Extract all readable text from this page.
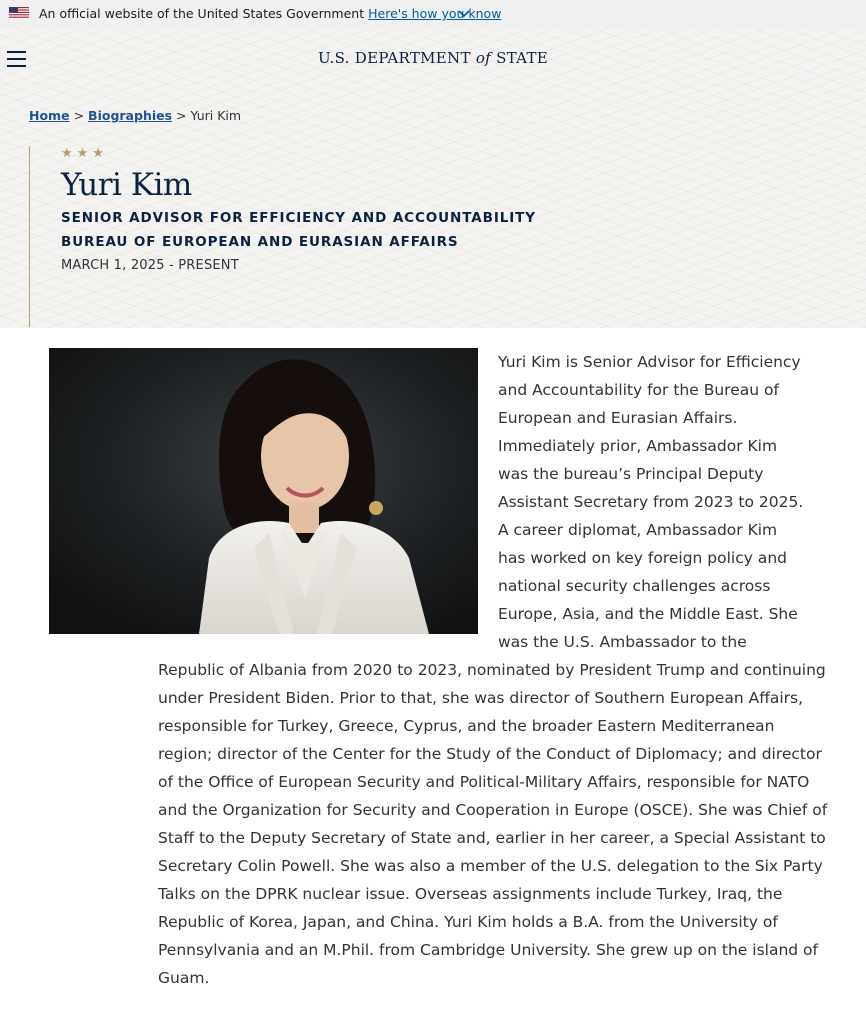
An official website of the United States Government Here's how you know
U.S. DEPARTMENT of STATE
Home > Biographies > Yuri Kim
★★★
Yuri Kim
SENIOR ADVISOR FOR EFFICIENCY AND ACCOUNTABILITY
BUREAU OF EUROPEAN AND EURASIAN AFFAIRS
MARCH 1, 2025 - PRESENT
Yuri Kim is Senior Advisor for Efficiency
and Accountability for the Bureau of
European and Eurasian Affairs.
Immediately prior, Ambassador Kim
was the bureau’s Principal Deputy
Assistant Secretary from 2023 to 2025.
A career diplomat, Ambassador Kim
has worked on key foreign policy and
national security challenges across
Europe, Asia, and the Middle East. She
was the U.S. Ambassador to the
Republic of Albania from 2020 to 2023, nominated by President Trump and continuing
under President Biden. Prior to that, she was director of Southern European Affairs,
responsible for Turkey, Greece, Cyprus, and the broader Eastern Mediterranean
region; director of the Center for the Study of the Conduct of Diplomacy; and director
of the Office of European Security and Political-Military Affairs, responsible for NATO
and the Organization for Security and Cooperation in Europe (OSCE). She was Chief of
Staff to the Deputy Secretary of State and, earlier in her career, a Special Assistant to
Secretary Colin Powell. She was also a member of the U.S. delegation to the Six Party
Talks on the DPRK nuclear issue. Overseas assignments include Turkey, Iraq, the
Republic of Korea, Japan, and China. Yuri Kim holds a B.A. from the University of
Pennsylvania and an M.Phil. from Cambridge University. She grew up on the island of
Guam.
